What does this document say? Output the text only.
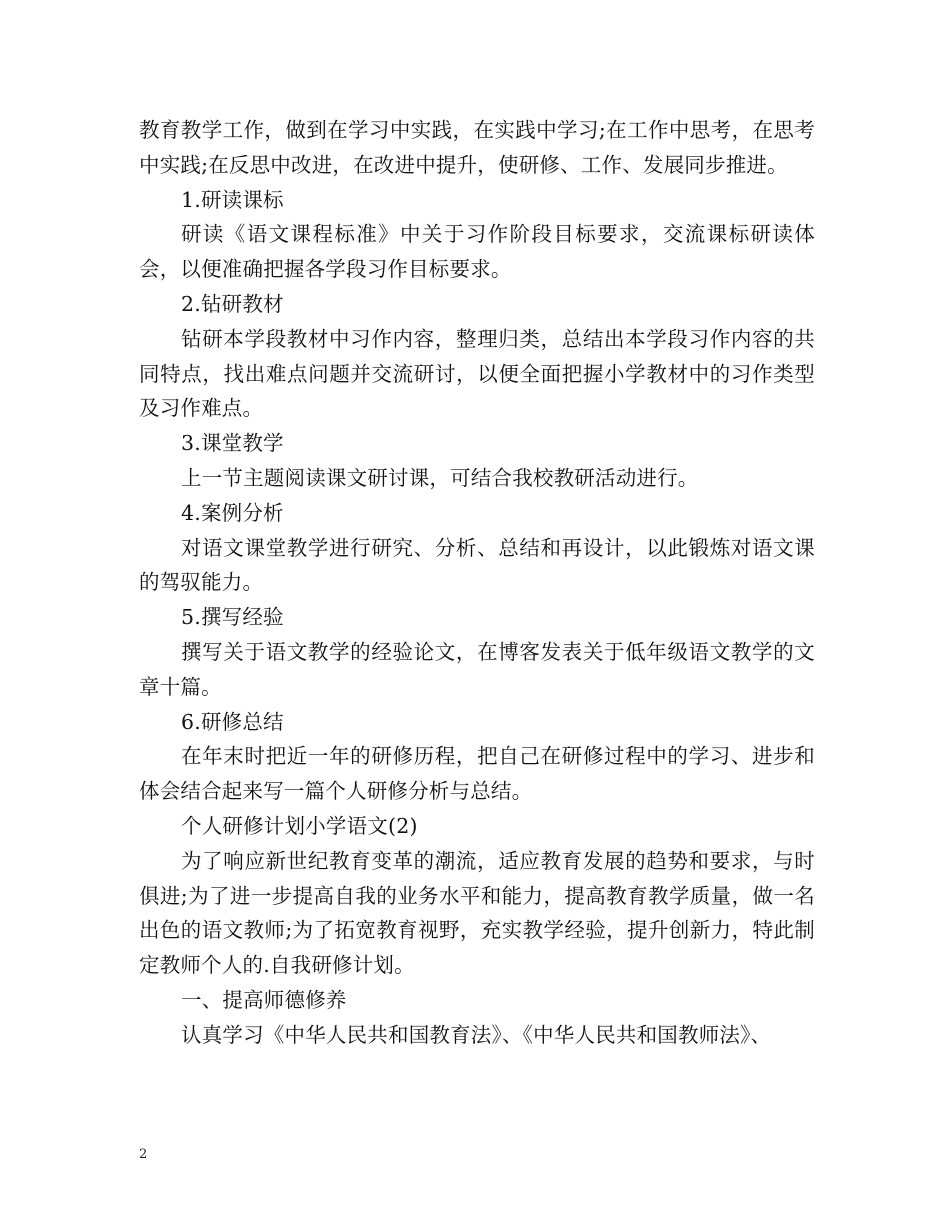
教育教学工作，做到在学习中实践，在实践中学习;在工作中思考，在思考中实践;在反思中改进，在改进中提升，使研修、工作、发展同步推进。

1.研读课标

研读《语文课程标准》中关于习作阶段目标要求，交流课标研读体会，以便准确把握各学段习作目标要求。

2.钻研教材

钻研本学段教材中习作内容，整理归类，总结出本学段习作内容的共同特点，找出难点问题并交流研讨，以便全面把握小学教材中的习作类型及习作难点。

3.课堂教学

上一节主题阅读课文研讨课，可结合我校教研活动进行。

4.案例分析

对语文课堂教学进行研究、分析、总结和再设计，以此锻炼对语文课的驾驭能力。

5.撰写经验

撰写关于语文教学的经验论文，在博客发表关于低年级语文教学的文章十篇。

6.研修总结

在年末时把近一年的研修历程，把自己在研修过程中的学习、进步和体会结合起来写一篇个人研修分析与总结。

个人研修计划小学语文(2)

为了响应新世纪教育变革的潮流，适应教育发展的趋势和要求，与时俱进;为了进一步提高自我的业务水平和能力，提高教育教学质量，做一名出色的语文教师;为了拓宽教育视野，充实教学经验，提升创新力，特此制定教师个人的.自我研修计划。

一、提高师德修养

认真学习《中华人民共和国教育法》、《中华人民共和国教师法》、

2
